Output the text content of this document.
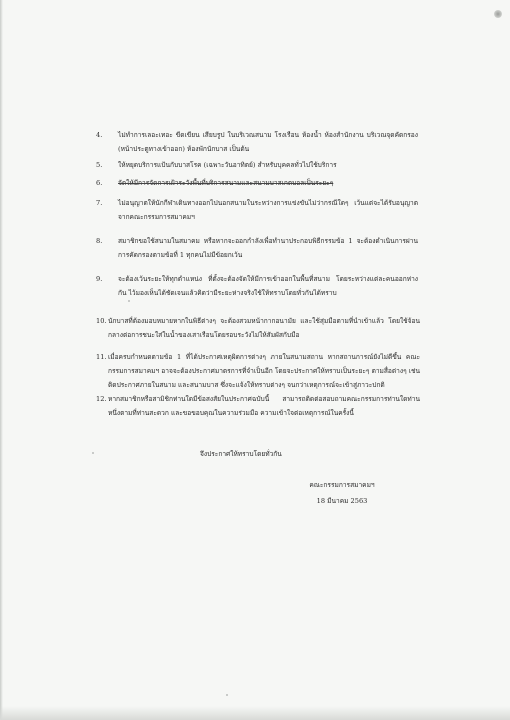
4. ไม่ทำการเลอะเทอะ ขีดเขียน เสียบรูป ในบริเวณสนาม โรงเรือน ห้องน้ำ ห้องสำนักงาน บริเวณจุดคัดกรอง (หน้าประตูทางเข้าออก) ห้องพักนักบาส เป็นต้น
5. ให้หยุดบริการแป้นกับบาสโรค (เฉพาะวันอาทิตย์) สำหรับบุคคลทั่วไปใช้บริการ
6. จัดให้มีการจัดการเฝ้าระวังพื้นที่บริการสนามและสนามบาสเกตบอลเป็นระยะๆ
7. ไม่อนุญาตให้นักกีฬาเดินทางออกไปนอกสนามในระหว่างการแข่งขันไม่ว่ากรณีใดๆ เว้นแต่จะได้รับอนุญาตจากคณะกรรมการสมาคมฯ
8. สมาชิกขอใช้สนามในสมาคม หรือหากจะออกกำลังเพื่อทำนาประกอบพิธีกรรมข้อ 1 จะต้องดำเนินการผ่านการคัดกรองตามข้อที่ 1 ทุกคนไม่มีข้อยกเว้น
9. จะต้องเว้นระยะให้ทุกตำแหน่ง ที่ตั้งจะต้องจัดให้มีการเข้าออกในพื้นที่สนาม โดยระหว่างแต่ละคนออกห่างกัน ไว้มองเห็นได้ชัดเจนแล้วคิดว่ามีระยะห่างจริงใช้ให้ทราบโดยทั่วกันได้ทราบ
10. นักบาสที่ต้องมอบหมายหากในพิธีต่างๆ จะต้องสวมหน้ากากอนามัย และใช้สุ่มมือตามที่นำเข้าแล้ว โดยใช้จ้อนกลางต่อการชนะใส่ในน้ำของเสาเรือนโดยรอบระวังไม่ให้สัมผัสกับมือ
11. เมื่อครบกำหนดตามข้อ 1 ที่ได้ประกาศเหตุผิดการต่างๆ ภายในสนามสถาน หากสถานการณ์ยังไม่ดีขึ้น คณะกรรมการสมาคมฯ อาจจะต้องประกาศมาตรการที่จำเป็นอีก โดยจะประกาศให้ทราบเป็นระยะๆ ตามสื่อต่างๆ เช่น ติดประกาศภายในสนาม และสนามบาส ซึ่งจะแจ้งให้ทราบต่างๆ จนกว่าเหตุการณ์จะเข้าสู่ภาวะปกติ
12. หากสมาชิกหรือสามิชิกท่านใดมีข้อสงสัยในประกาศฉบับนี้ สามารถติดต่อสอบถามคณะกรรมการท่านใดท่านหนึ่งตามที่ท่านสะดวก และขอขอบคุณในความร่วมมือ ความเข้าใจต่อเหตุการณ์ในครั้งนี้
จึงประกาศให้ทราบโดยทั่วกัน
คณะกรรมการสมาคมฯ
18 มีนาคม 2563
